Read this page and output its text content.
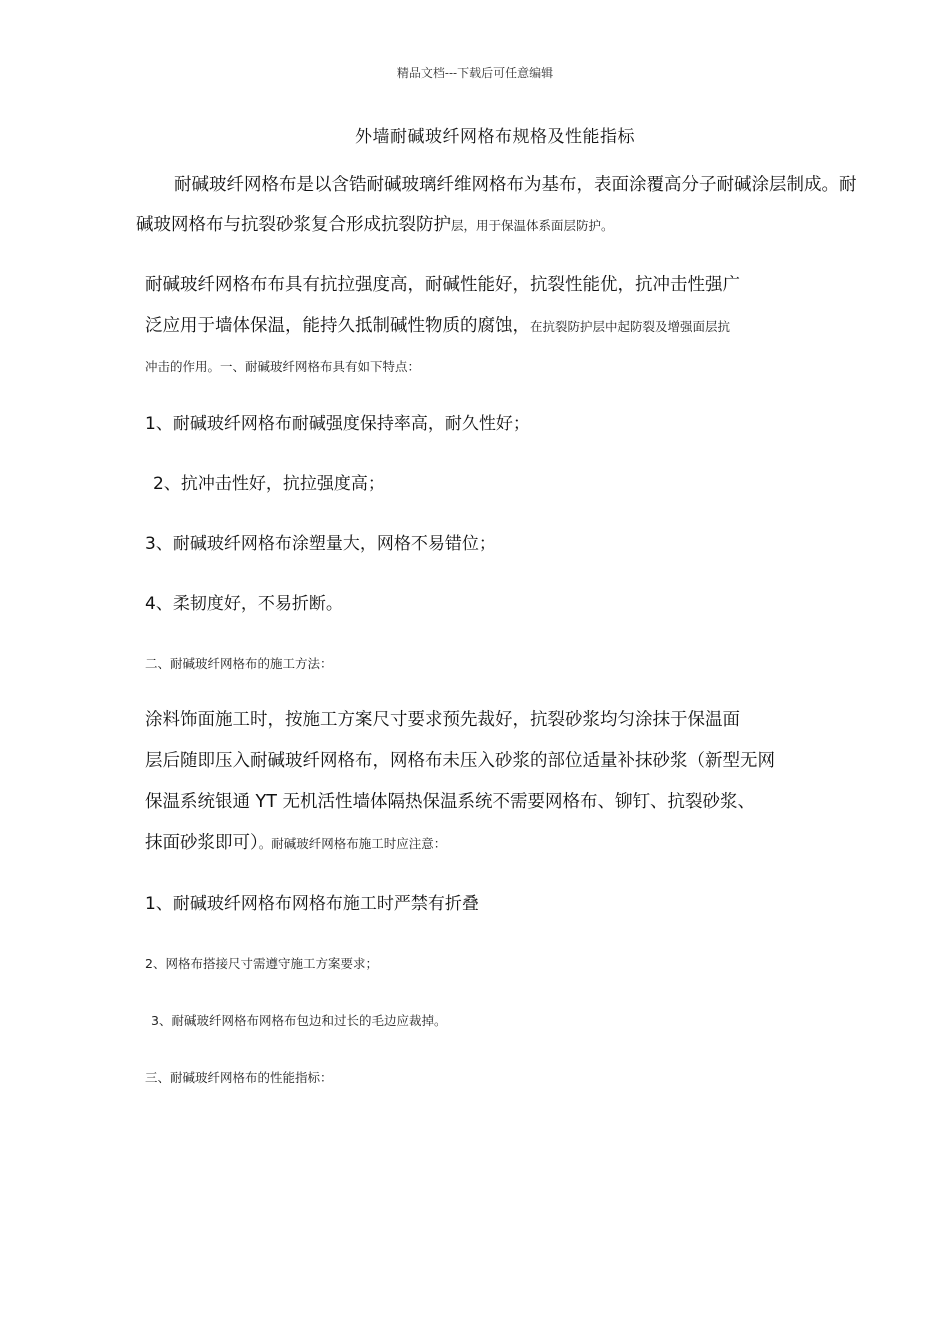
精品文档---下载后可任意编辑
外墙耐碱玻纤网格布规格及性能指标
耐碱玻纤网格布是以含锆耐碱玻璃纤维网格布为基布，表面涂覆高分子耐碱涂层制成。耐
碱玻网格布与抗裂砂浆复合形成抗裂防护层，用于保温体系面层防护。
耐碱玻纤网格布布具有抗拉强度高，耐碱性能好，抗裂性能优，抗冲击性强广
泛应用于墙体保温，能持久抵制碱性物质的腐蚀，在抗裂防护层中起防裂及增强面层抗
冲击的作用。一、耐碱玻纤网格布具有如下特点：
1、耐碱玻纤网格布耐碱强度保持率高，耐久性好；
2、抗冲击性好，抗拉强度高；
3、耐碱玻纤网格布涂塑量大，网格不易错位；
4、柔韧度好，不易折断。
二、耐碱玻纤网格布的施工方法：
涂料饰面施工时，按施工方案尺寸要求预先裁好，抗裂砂浆均匀涂抹于保温面
层后随即压入耐碱玻纤网格布，网格布未压入砂浆的部位适量补抹砂浆（新型无网
保温系统银通 YT 无机活性墙体隔热保温系统不需要网格布、铆钉、抗裂砂浆、
抹面砂浆即可）。耐碱玻纤网格布施工时应注意：
1、耐碱玻纤网格布网格布施工时严禁有折叠
2、网格布搭接尺寸需遵守施工方案要求；
3、耐碱玻纤网格布网格布包边和过长的毛边应裁掉。
三、耐碱玻纤网格布的性能指标：
